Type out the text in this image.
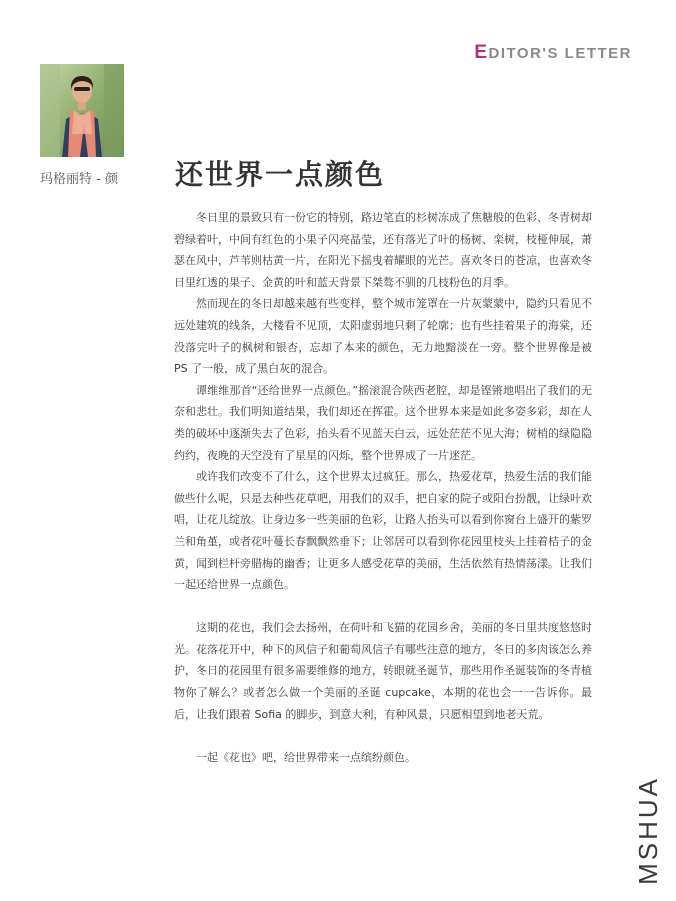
EDITOR'S LETTER
玛格丽特 - 颜	还世界一点颜色

冬日里的景致只有一份它的特别，路边笔直的杉树冻成了焦糖般的色彩、冬青树却碧绿着叶，中间有红色的小果子闪亮晶莹，还有落光了叶的杨树、栾树，枝桠伸展，萧瑟在风中，芦苇则枯黄一片，在阳光下摇曳着耀眼的光芒。喜欢冬日的苍凉，也喜欢冬日里红透的果子、金黄的叶和蓝天背景下桀骜不驯的几枝粉色的月季。

然而现在的冬日却越来越有些变样，整个城市笼罩在一片灰蒙蒙中，隐约只看见不远处建筑的线条，大楼看不见顶，太阳虚弱地只剩了轮廓；也有些挂着果子的海棠，还没落完叶子的枫树和银杏，忘却了本来的颜色，无力地黯淡在一旁。整个世界像是被 PS 了一般，成了黑白灰的混合。

谭维维那首“还给世界一点颜色。”摇滚混合陕西老腔，却是铿锵地唱出了我们的无奈和悲壮。我们明知道结果，我们却还在挥霍。这个世界本来是如此多姿多彩，却在人类的破坏中逐渐失去了色彩，抬头看不见蓝天白云，远处茫茫不见大海；树梢的绿隐隐约约，夜晚的天空没有了星星的闪烁，整个世界成了一片迷茫。

或许我们改变不了什么，这个世界太过疯狂。那么，热爱花草，热爱生活的我们能做些什么呢，只是去种些花草吧，用我们的双手，把自家的院子或阳台扮靓，让绿叶欢唱，让花儿绽放。让身边多一些美丽的色彩，让路人抬头可以看到你窗台上盛开的紫罗兰和角堇，或者花叶蔓长春飘飘然垂下；让邻居可以看到你花园里枝头上挂着桔子的金黄，闻到栏杆旁腊梅的幽香；让更多人感受花草的美丽，生活依然有热情荡漾。让我们一起还给世界一点颜色。

这期的花也，我们会去扬州，在荷叶和飞猫的花园乡舍，美丽的冬日里共度悠悠时光。花落花开中，种下的风信子和葡萄风信子有哪些注意的地方，冬日的多肉该怎么养护，冬日的花园里有很多需要维修的地方，转眼就圣诞节，那些用作圣诞装饰的冬青植物你了解么？或者怎么做一个美丽的圣诞 cupcake，本期的花也会一一告诉你。最后，让我们跟着 Sofia 的脚步，到意大利，有种风景，只愿相望到地老天荒。

一起《花也》吧，给世界带来一点缤纷颜色。

MSHUA
